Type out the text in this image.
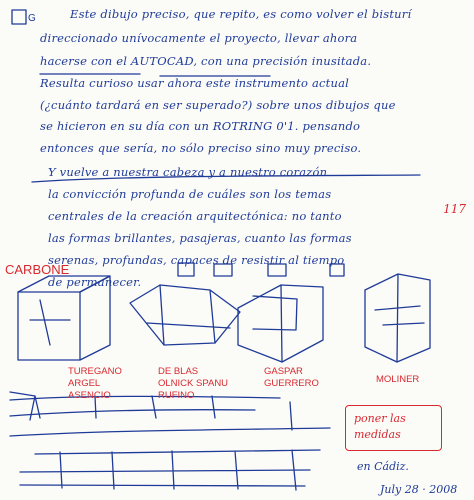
Este dibujo preciso, que repito, es como volver el bisturí
direccionado unívocamente el proyecto, llevar ahora
hacerse con el AUTOCAD, con una precisión inusitada.
Resulta curioso usar ahora este instrumento actual
(¿cuánto tardará en ser superado?) sobre unos dibujos que
se hicieron en su día con un ROTRING 0'1. pensando
entonces que sería, no sólo preciso sino muy preciso.
Y vuelve a nuestra cabeza y a nuestro corazón
la convicción profunda de cuáles son los temas
centrales de la creación arquitectónica: no tanto
las formas brillantes, pasajeras, cuanto las formas
serenas, profundas, capaces de resistir al tiempo
de permanecer.
G
CARBONE
TUREGANO
ARGEL
ASENCIO
DE BLAS
OLNICK SPANU
RUFINO
GASPAR
GUERRERO	MOLINER
117
poner las
medidas
en Cádiz.
July 28 · 2008
